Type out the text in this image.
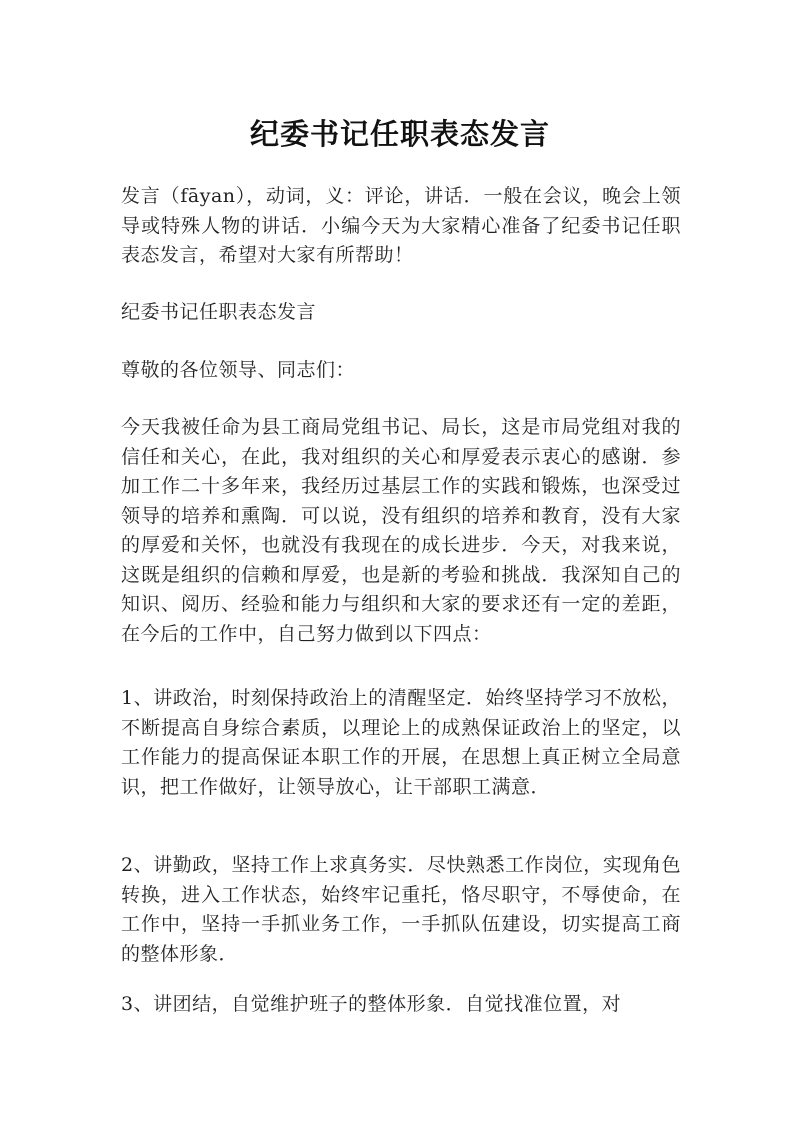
纪委书记任职表态发言

发言（fāyan），动词，义：评论，讲话．一般在会议，晚会上领导或特殊人物的讲话．小编今天为大家精心准备了纪委书记任职表态发言，希望对大家有所帮助！

纪委书记任职表态发言

尊敬的各位领导、同志们：

今天我被任命为县工商局党组书记、局长，这是市局党组对我的信任和关心，在此，我对组织的关心和厚爱表示衷心的感谢．参加工作二十多年来，我经历过基层工作的实践和锻炼，也深受过领导的培养和熏陶．可以说，没有组织的培养和教育，没有大家的厚爱和关怀，也就没有我现在的成长进步．今天，对我来说，这既是组织的信赖和厚爱，也是新的考验和挑战．我深知自己的知识、阅历、经验和能力与组织和大家的要求还有一定的差距，在今后的工作中，自己努力做到以下四点：

1、讲政治，时刻保持政治上的清醒坚定．始终坚持学习不放松，不断提高自身综合素质，以理论上的成熟保证政治上的坚定，以工作能力的提高保证本职工作的开展，在思想上真正树立全局意识，把工作做好，让领导放心，让干部职工满意．

2、讲勤政，坚持工作上求真务实．尽快熟悉工作岗位，实现角色转换，进入工作状态，始终牢记重托，恪尽职守，不辱使命，在工作中，坚持一手抓业务工作，一手抓队伍建设，切实提高工商的整体形象．

3、讲团结，自觉维护班子的整体形象．自觉找准位置，对
